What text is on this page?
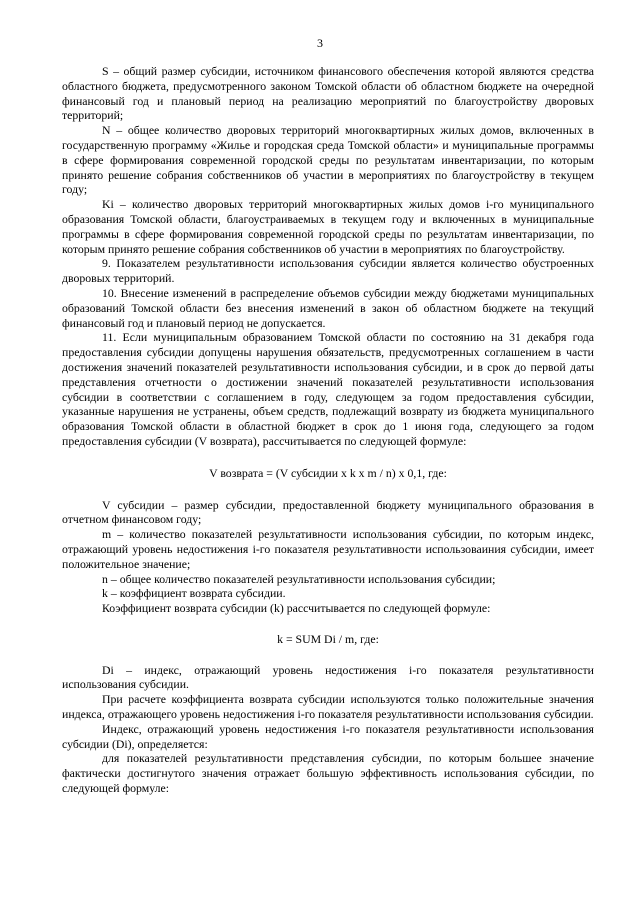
3

S – общий размер субсидии, источником финансового обеспечения которой являются средства областного бюджета, предусмотренного законом Томской области об областном бюджете на очередной финансовый год и плановый период на реализацию мероприятий по благоустройству дворовых территорий;

N – общее количество дворовых территорий многоквартирных жилых домов, включенных в государственную программу «Жилье и городская среда Томской области» и муниципальные программы в сфере формирования современной городской среды по результатам инвентаризации, по которым принято решение собрания собственников об участии в мероприятиях по благоустройству в текущем году;

Ki – количество дворовых территорий многоквартирных жилых домов i-го муниципального образования Томской области, благоустраиваемых в текущем году и включенных в муниципальные программы в сфере формирования современной городской среды по результатам инвентаризации, по которым принято решение собрания собственников об участии в мероприятиях по благоустройству.

9. Показателем результативности использования субсидии является количество обустроенных дворовых территорий.

10. Внесение изменений в распределение объемов субсидии между бюджетами муниципальных образований Томской области без внесения изменений в закон об областном бюджете на текущий финансовый год и плановый период не допускается.

11. Если муниципальным образованием Томской области по состоянию на 31 декабря года предоставления субсидии допущены нарушения обязательств, предусмотренных соглашением в части достижения значений показателей результативности использования субсидии, и в срок до первой даты представления отчетности о достижении значений показателей результативности использования субсидии в соответствии с соглашением в году, следующем за годом предоставления субсидии, указанные нарушения не устранены, объем средств, подлежащий возврату из бюджета муниципального образования Томской области в областной бюджет в срок до 1 июня года, следующего за годом предоставления субсидии (V возврата), рассчитывается по следующей формуле:

V возврата = (V субсидии x k x m / n) x 0,1, где:

V субсидии – размер субсидии, предоставленной бюджету муниципального образования в отчетном финансовом году;

m – количество показателей результативности использования субсидии, по которым индекс, отражающий уровень недостижения i-го показателя результативности использоваиния субсидии, имеет положительное значение;

n – общее количество показателей результативности использования субсидии;

k – коэффициент возврата субсидии.

Коэффициент возврата субсидии (k) рассчитывается по следующей формуле:

k = SUM Di / m, где:

Di – индекс, отражающий уровень недостижения i-го показателя результативности использования субсидии.

При расчете коэффициента возврата субсидии используются только положительные значения индекса, отражающего уровень недостижения i-го показателя результативности использования субсидии.

Индекс, отражающий уровень недостижения i-го показателя результативности использования субсидии (Di), определяется:

для показателей результативности представления субсидии, по которым большее значение фактически достигнутого значения отражает большую эффективность использования субсидии, по следующей формуле:
